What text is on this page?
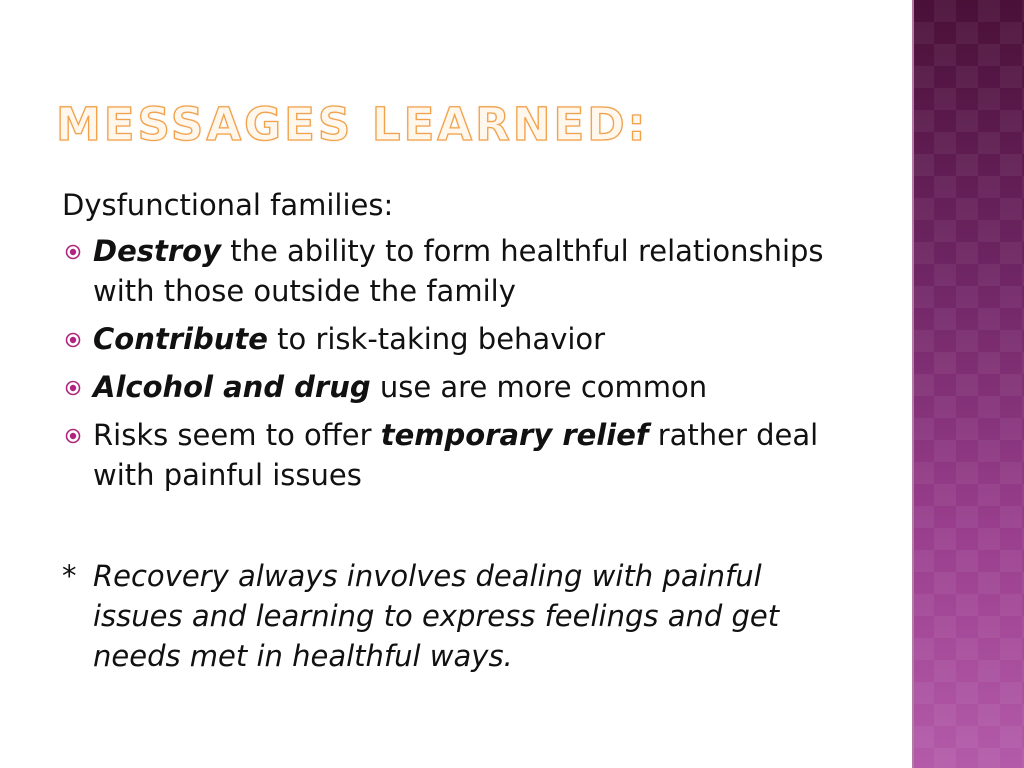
MESSAGES LEARNED:

Dysfunctional families:

Destroy the ability to form healthful relationships with those outside the family
Contribute to risk-taking behavior
Alcohol and drug use are more common
Risks seem to offer temporary relief rather deal with painful issues
* Recovery always involves dealing with painful issues and learning to express feelings and get needs met in healthful ways.
